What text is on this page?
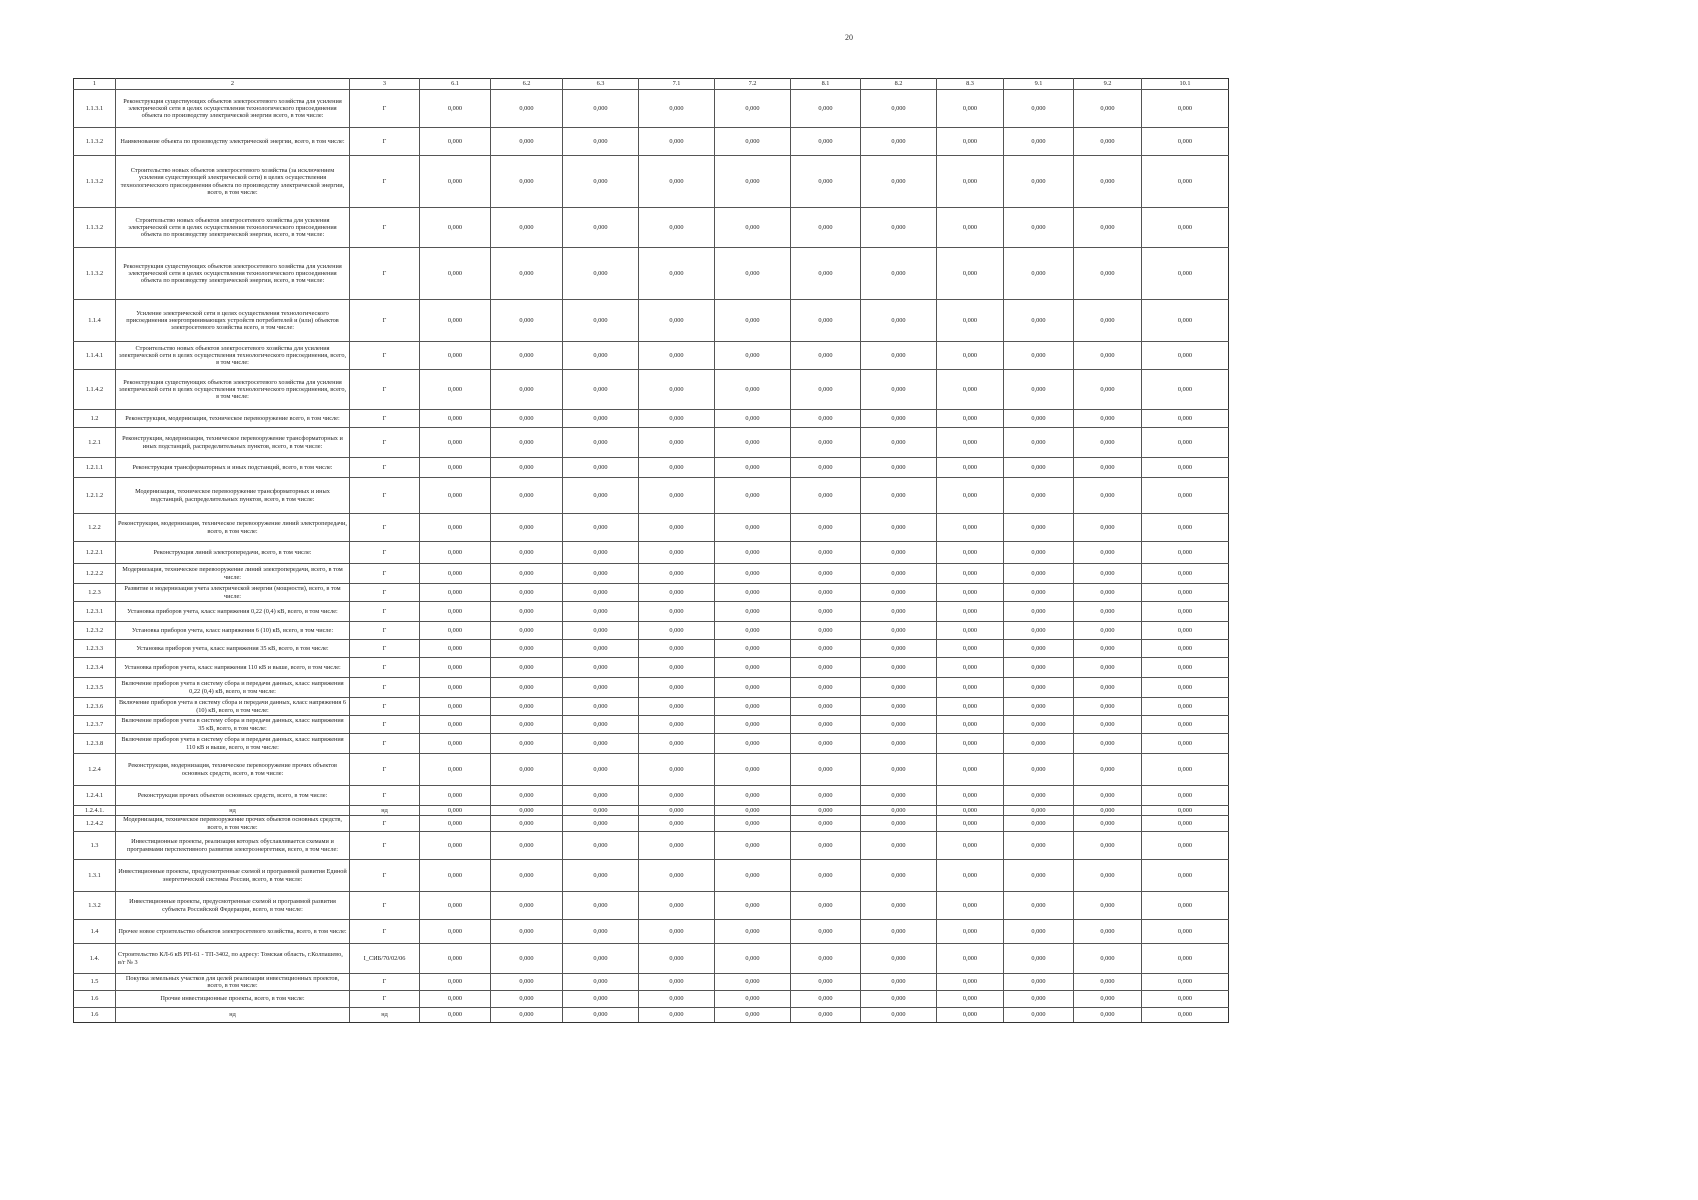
20
1	2	3	6.1	6.2	6.3	7.1	7.2	8.1	8.2	8.3	9.1	9.2	10.1
1.1.3.1	Реконструкция существующих объектов электросетевого хозяйства для усиления электрической сети в целях осуществления технологического присоединения объекта по производству электрической энергии всего, в том числе:	Г	0,000	0,000	0,000	0,000	0,000	0,000	0,000	0,000	0,000	0,000	0,000
1.1.3.2	Наименование объекта по производству электрической энергии, всего, в том числе:	Г	0,000	0,000	0,000	0,000	0,000	0,000	0,000	0,000	0,000	0,000	0,000
1.1.3.2	Строительство новых объектов электросетевого хозяйства (за исключением усиления существующей электрической сети) в целях осуществления технологического присоединения объекта по производству электрической энергии, всего, в том числе:	Г	0,000	0,000	0,000	0,000	0,000	0,000	0,000	0,000	0,000	0,000	0,000
1.1.3.2	Строительство новых объектов электросетевого хозяйства для усиления электрической сети в целях осуществления технологического присоединения объекта по производству электрической энергии, всего, в том числе:	Г	0,000	0,000	0,000	0,000	0,000	0,000	0,000	0,000	0,000	0,000	0,000
1.1.3.2	Реконструкция существующих объектов электросетевого хозяйства для усиления электрической сети в целях осуществления технологического присоединения объекта по производству электрической энергии, всего, в том числе:	Г	0,000	0,000	0,000	0,000	0,000	0,000	0,000	0,000	0,000	0,000	0,000
1.1.4	Усиление электрической сети в целях осуществления технологического присоединения энергопринимающих устройств потребителей и (или) объектов электросетевого хозяйства всего, в том числе:	Г	0,000	0,000	0,000	0,000	0,000	0,000	0,000	0,000	0,000	0,000	0,000
1.1.4.1	Строительство новых объектов электросетевого хозяйства для усиления электрической сети в целях осуществления технологического присоединения, всего, в том числе:	Г	0,000	0,000	0,000	0,000	0,000	0,000	0,000	0,000	0,000	0,000	0,000
1.1.4.2	Реконструкция существующих объектов электросетевого хозяйства для усиления электрической сети в целях осуществления технологического присоединения, всего, в том числе:	Г	0,000	0,000	0,000	0,000	0,000	0,000	0,000	0,000	0,000	0,000	0,000
1.2	Реконструкция, модернизация, техническое перевооружение всего, в том числе:	Г	0,000	0,000	0,000	0,000	0,000	0,000	0,000	0,000	0,000	0,000	0,000
1.2.1	Реконструкция, модернизация, техническое перевооружение трансформаторных и иных подстанций, распределительных пунктов, всего, в том числе:	Г	0,000	0,000	0,000	0,000	0,000	0,000	0,000	0,000	0,000	0,000	0,000
1.2.1.1	Реконструкция трансформаторных и иных подстанций, всего, в том числе:	Г	0,000	0,000	0,000	0,000	0,000	0,000	0,000	0,000	0,000	0,000	0,000
1.2.1.2	Модернизация, техническое перевооружение трансформаторных и иных подстанций, распределительных пунктов, всего, в том числе:	Г	0,000	0,000	0,000	0,000	0,000	0,000	0,000	0,000	0,000	0,000	0,000
1.2.2	Реконструкция, модернизация, техническое перевооружение линий электропередачи, всего, в том числе:	Г	0,000	0,000	0,000	0,000	0,000	0,000	0,000	0,000	0,000	0,000	0,000
1.2.2.1	Реконструкция линий электропередачи, всего, в том числе:	Г	0,000	0,000	0,000	0,000	0,000	0,000	0,000	0,000	0,000	0,000	0,000
1.2.2.2	Модернизация, техническое перевооружение линий электропередачи, всего, в том числе:	Г	0,000	0,000	0,000	0,000	0,000	0,000	0,000	0,000	0,000	0,000	0,000
1.2.3	Развитие и модернизация учета электрической энергии (мощности), всего, в том числе:	Г	0,000	0,000	0,000	0,000	0,000	0,000	0,000	0,000	0,000	0,000	0,000
1.2.3.1	Установка приборов учета, класс напряжения 0,22 (0,4) кВ, всего, в том числе:	Г	0,000	0,000	0,000	0,000	0,000	0,000	0,000	0,000	0,000	0,000	0,000
1.2.3.2	Установка приборов учета, класс напряжения 6 (10) кВ, всего, в том числе:	Г	0,000	0,000	0,000	0,000	0,000	0,000	0,000	0,000	0,000	0,000	0,000
1.2.3.3	Установка приборов учета, класс напряжения 35 кВ, всего, в том числе:	Г	0,000	0,000	0,000	0,000	0,000	0,000	0,000	0,000	0,000	0,000	0,000
1.2.3.4	Установка приборов учета, класс напряжения 110 кВ и выше, всего, в том числе:	Г	0,000	0,000	0,000	0,000	0,000	0,000	0,000	0,000	0,000	0,000	0,000
1.2.3.5	Включение приборов учета в систему сбора и передачи данных, класс напряжения 0,22 (0,4) кВ, всего, в том числе:	Г	0,000	0,000	0,000	0,000	0,000	0,000	0,000	0,000	0,000	0,000	0,000
1.2.3.6	Включение приборов учета в систему сбора и передачи данных, класс напряжения 6 (10) кВ, всего, в том числе:	Г	0,000	0,000	0,000	0,000	0,000	0,000	0,000	0,000	0,000	0,000	0,000
1.2.3.7	Включение приборов учета в систему сбора и передачи данных, класс напряжения 35 кВ, всего, в том числе:	Г	0,000	0,000	0,000	0,000	0,000	0,000	0,000	0,000	0,000	0,000	0,000
1.2.3.8	Включение приборов учета в систему сбора и передачи данных, класс напряжения 110 кВ и выше, всего, в том числе:	Г	0,000	0,000	0,000	0,000	0,000	0,000	0,000	0,000	0,000	0,000	0,000
1.2.4	Реконструкция, модернизация, техническое перевооружение прочих объектов основных средств, всего, в том числе:	Г	0,000	0,000	0,000	0,000	0,000	0,000	0,000	0,000	0,000	0,000	0,000
1.2.4.1	Реконструкция прочих объектов основных средств, всего, в том числе:	Г	0,000	0,000	0,000	0,000	0,000	0,000	0,000	0,000	0,000	0,000	0,000
1.2.4.1.	нд	нд	0,000	0,000	0,000	0,000	0,000	0,000	0,000	0,000	0,000	0,000	0,000
1.2.4.2	Модернизация, техническое перевооружение прочих объектов основных средств, всего, в том числе:	Г	0,000	0,000	0,000	0,000	0,000	0,000	0,000	0,000	0,000	0,000	0,000
1.3	Инвестиционные проекты, реализация которых обуславливается схемами и программами перспективного развития электроэнергетики, всего, в том числе:	Г	0,000	0,000	0,000	0,000	0,000	0,000	0,000	0,000	0,000	0,000	0,000
1.3.1	Инвестиционные проекты, предусмотренные схемой и программой развития Единой энергетической системы России, всего, в том числе:	Г	0,000	0,000	0,000	0,000	0,000	0,000	0,000	0,000	0,000	0,000	0,000
1.3.2	Инвестиционные проекты, предусмотренные схемой и программой развития субъекта Российской Федерации, всего, в том числе:	Г	0,000	0,000	0,000	0,000	0,000	0,000	0,000	0,000	0,000	0,000	0,000
1.4	Прочее новое строительство объектов электросетевого хозяйства, всего, в том числе:	Г	0,000	0,000	0,000	0,000	0,000	0,000	0,000	0,000	0,000	0,000	0,000
1.4.	Строительство КЛ-6 кВ РП-61 - ТП-3402, по адресу: Томская область, г.Колпашево, в/г № 3	I_СИБ/70/02/06	0,000	0,000	0,000	0,000	0,000	0,000	0,000	0,000	0,000	0,000	0,000
1.5	Покупка земельных участков для целей реализации инвестиционных проектов, всего, в том числе:	Г	0,000	0,000	0,000	0,000	0,000	0,000	0,000	0,000	0,000	0,000	0,000
1.6	Прочие инвестиционные проекты, всего, в том числе:	Г	0,000	0,000	0,000	0,000	0,000	0,000	0,000	0,000	0,000	0,000	0,000
1.6	нд	нд	0,000	0,000	0,000	0,000	0,000	0,000	0,000	0,000	0,000	0,000	0,000
